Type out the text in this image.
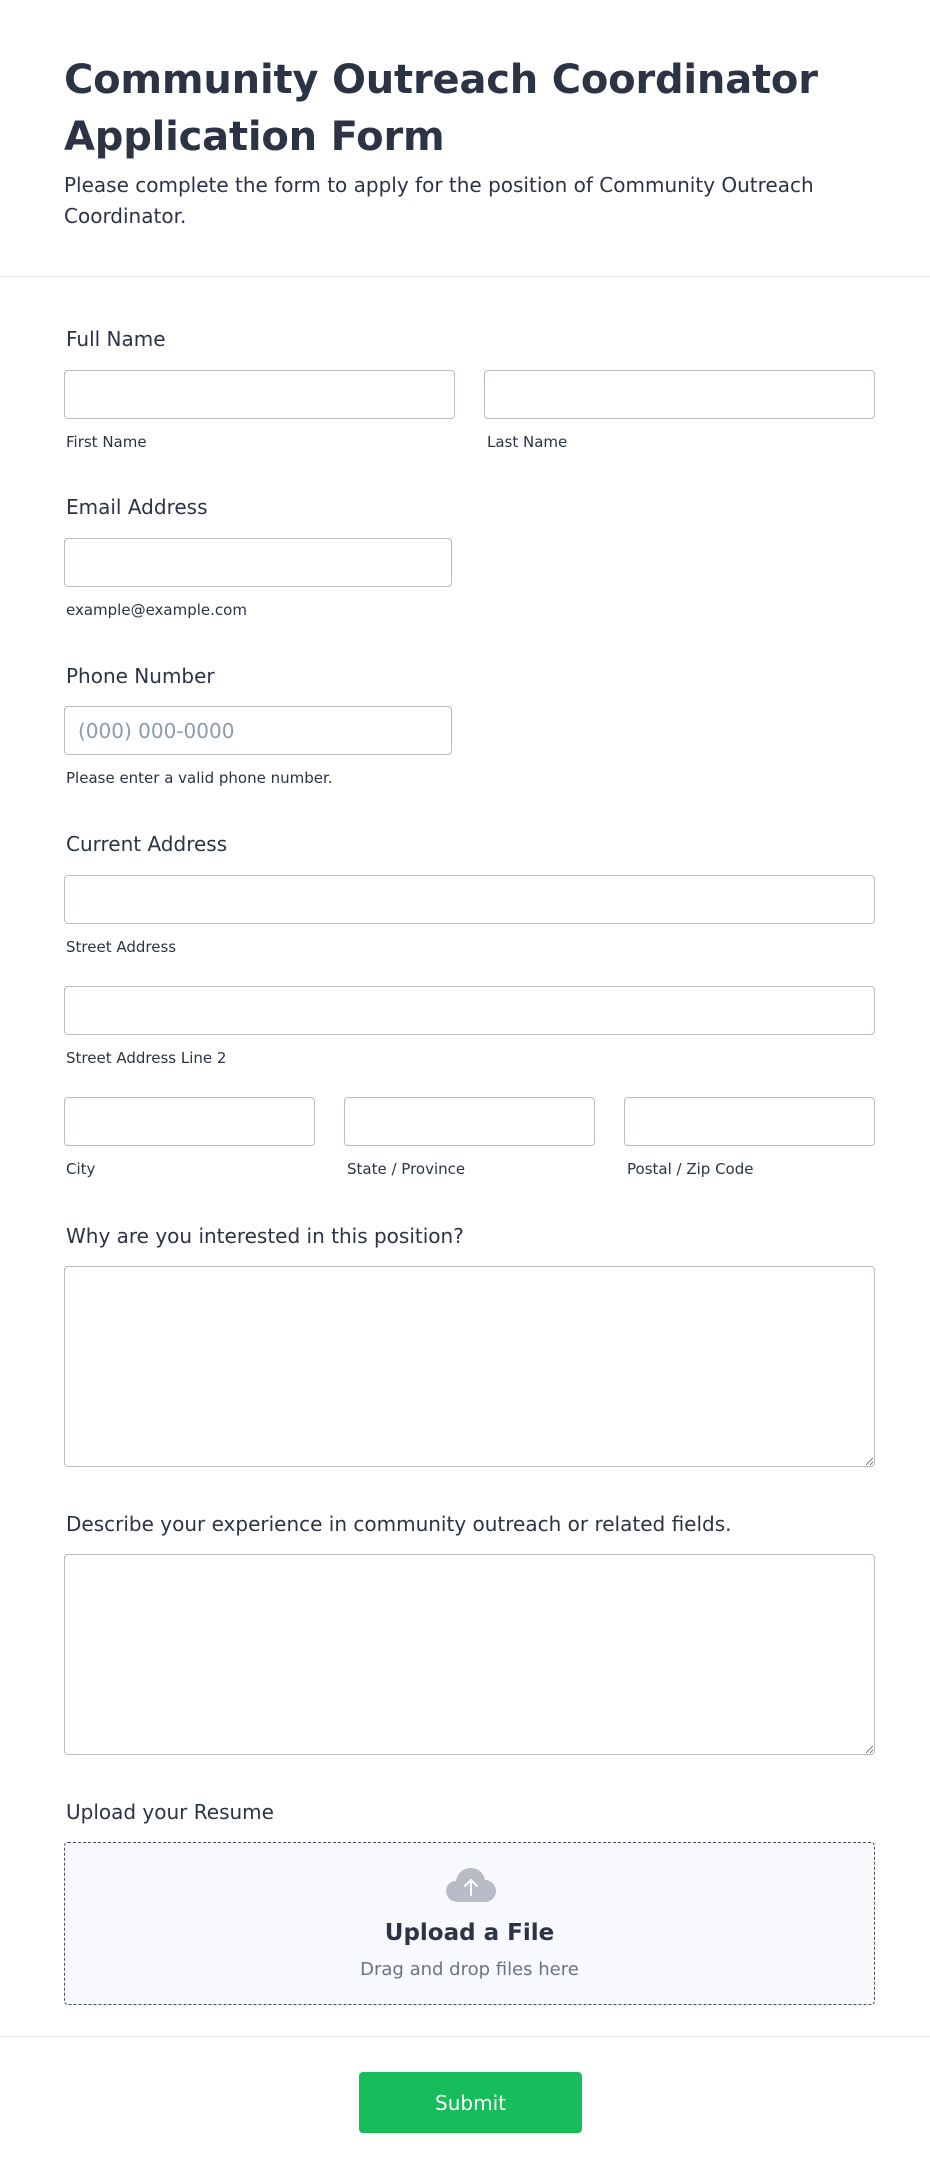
Community Outreach Coordinator Application Form

Please complete the form to apply for the position of Community Outreach Coordinator.

Full Name
First Name	Last Name
Email Address
example@example.com
Phone Number
(000) 000-0000
Please enter a valid phone number.
Current Address
Street Address
Street Address Line 2
City	State / Province	Postal / Zip Code
Why are you interested in this position?
Describe your experience in community outreach or related fields.
Upload your Resume
Upload a File
Drag and drop files here
Submit
